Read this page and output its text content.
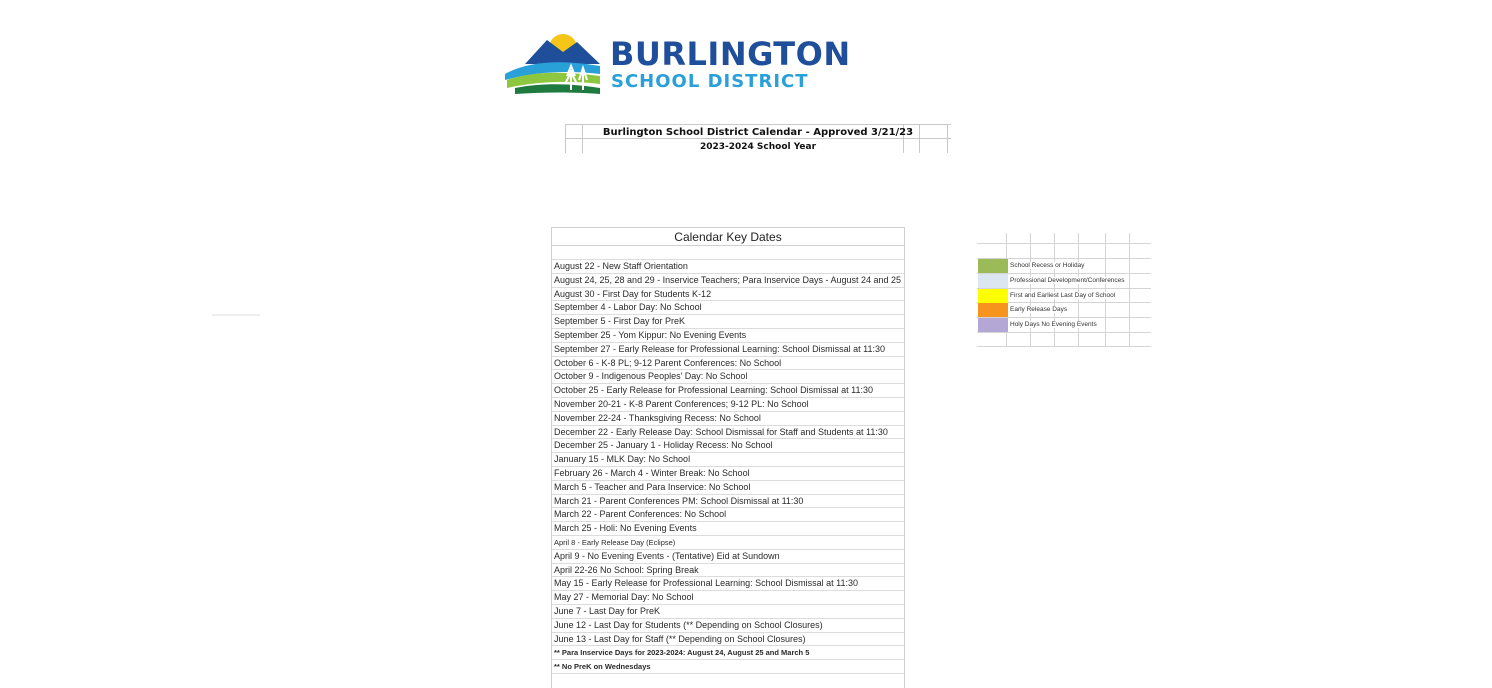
BURLINGTON
SCHOOL DISTRICT
Burlington School District Calendar - Approved 3/21/23
2023-2024 School Year
Calendar Key Dates
August 22 - New Staff Orientation
August 24, 25, 28 and 29 - Inservice Teachers; Para Inservice Days - August 24 and 25
August 30 - First Day for Students K-12
September 4 - Labor Day: No School
September 5 - First Day for PreK
September 25 - Yom Kippur: No Evening Events
September 27 - Early Release for Professional Learning: School Dismissal at 11:30
October 6 - K-8 PL; 9-12 Parent Conferences: No School
October 9 - Indigenous Peoples' Day: No School
October 25 - Early Release for Professional Learning: School Dismissal at 11:30
November 20-21 - K-8 Parent Conferences; 9-12 PL: No School
November 22-24 - Thanksgiving Recess: No School
December 22 - Early Release Day: School Dismissal for Staff and Students at 11:30
December 25 - January 1 - Holiday Recess: No School
January 15 - MLK Day: No School
February 26 - March 4 - Winter Break: No School
March 5 - Teacher and Para Inservice: No School
March 21 - Parent Conferences PM: School Dismissal at 11:30
March 22 - Parent Conferences: No School
March 25 - Holi: No Evening Events
April 8 - Early Release Day (Eclipse)
April 9 - No Evening Events - (Tentative) Eid at Sundown
April 22-26 No School: Spring Break
May 15 - Early Release for Professional Learning: School Dismissal at 11:30
May 27 - Memorial Day: No School
June 7 - Last Day for PreK
June 12 - Last Day for Students (** Depending on School Closures)
June 13 - Last Day for Staff (** Depending on School Closures)
** Para Inservice Days for 2023-2024: August 24, August 25 and March 5
** No PreK on Wednesdays
School Recess or Holiday
Professional Development/Conferences
First and Earliest Last Day of School
Early Release Days
Holy Days No Evening Events
